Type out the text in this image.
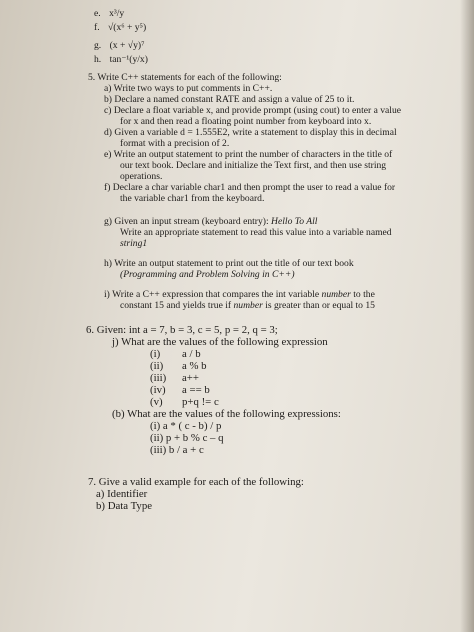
e. x³/y
f. √(x⁶ + y⁵)
g. (x + √y)⁷
h. tan⁻¹(y/x)
5. Write C++ statements for each of the following:
a) Write two ways to put comments in C++.
b) Declare a named constant RATE and assign a value of 25 to it.
c) Declare a float variable x, and provide prompt (using cout) to enter a value
for x and then read a floating point number from keyboard into x.
d) Given a variable d = 1.555E2, write a statement to display this in decimal
format with a precision of 2.
e) Write an output statement to print the number of characters in the title of
our text book. Declare and initialize the Text first, and then use string
operations.
f) Declare a char variable char1 and then prompt the user to read a value for
the variable char1 from the keyboard.
g) Given an input stream (keyboard entry): Hello To All
Write an appropriate statement to read this value into a variable named
string1
h) Write an output statement to print out the title of our text book
(Programming and Problem Solving in C++)
i) Write a C++ expression that compares the int variable number to the
constant 15 and yields true if number is greater than or equal to 15
6. Given: int a = 7, b = 3, c = 5, p = 2, q = 3;
j) What are the values of the following expression
(i) a / b
(ii) a % b
(iii) a++
(iv) a == b
(v) p+q != c
(b) What are the values of the following expressions:
(i) a * ( c - b) / p
(ii) p + b % c – q
(iii) b / a + c
7. Give a valid example for each of the following:
a) Identifier
b) Data Type
